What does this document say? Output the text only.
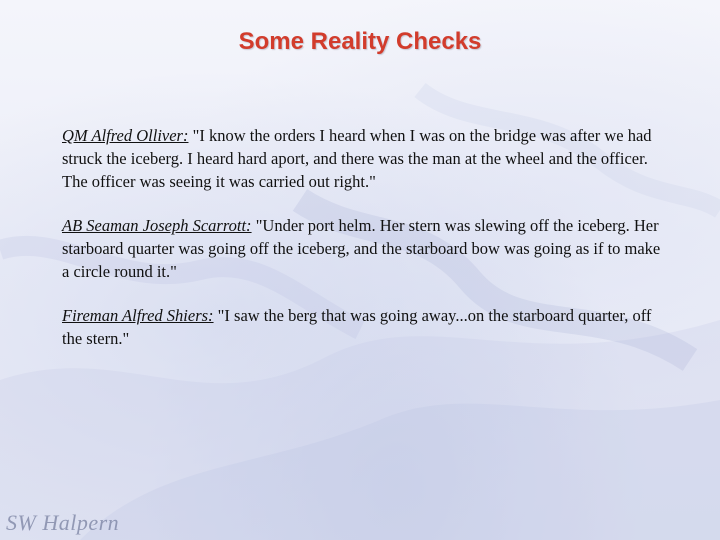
Some Reality Checks

QM Alfred Olliver: "I know the orders I heard when I was on the bridge was after we had struck the iceberg. I heard hard aport, and there was the man at the wheel and the officer. The officer was seeing it was carried out right."

AB Seaman Joseph Scarrott: "Under port helm. Her stern was slewing off the iceberg. Her starboard quarter was going off the iceberg, and the starboard bow was going as if to make a circle round it."

Fireman Alfred Shiers: "I saw the berg that was going away...on the starboard quarter, off the stern."

SW Halpern
